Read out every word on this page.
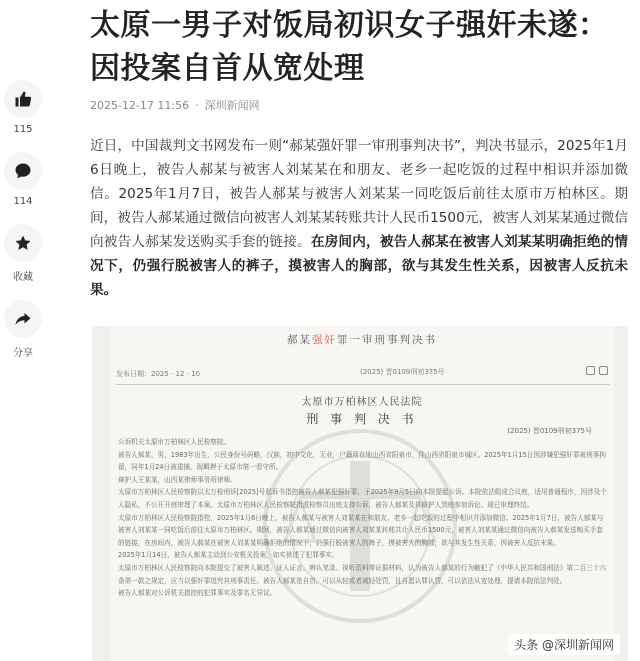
115
114
收藏
分享
太原一男子对饭局初识女子强奸未遂：因投案自首从宽处理
2025-12-17 11:56 · 深圳新闻网

近日，中国裁判文书网发布一则“郝某强奸罪一审刑事判决书”，判决书显示，2025年1月6日晚上，被告人郝某与被害人刘某某在和朋友、老乡一起吃饭的过程中相识并添加微信。2025年1月7日，被告人郝某与被害人刘某某一同吃饭后前往太原市万柏林区。期间，被告人郝某通过微信向被害人刘某某转账共计人民币1500元，被害人刘某某通过微信向被告人郝某发送购买手套的链接。在房间内，被告人郝某在被害人刘某某明确拒绝的情况下，仍强行脱被害人的裤子，摸被害人的胸部，欲与其发生性关系，因被害人反抗未果。

郝某强奸罪一审刑事判决书
发布日期：2025 · 12 · 10	(2025) 晋0109刑初375号
太原市万柏林区人民法院
刑 事 判 决 书
(2025) 晋0109刑初375号

公诉机关太原市万柏林区人民检察院。

被告人郝某，男，1983年出生，公民身份号码略，汉族，初中文化，无业，户籍所在地山西省阳泉市，住山西省阳泉市城区。2025年1月15日因涉嫌犯强奸罪被刑事拘留，同年1月24日被逮捕，现羁押于太原市第一看守所。

辩护人王某某，山西某律师事务所律师。

太原市万柏林区人民检察院以太万检刑诉[2025]号起诉书指控被告人郝某犯强奸罪，于2025年9月5日向本院提起公诉。本院依法组成合议庭，适用普通程序，因涉及个人隐私，不公开开庭审理了本案。太原市万柏林区人民检察院指派检察员出庭支持公诉，被告人郝某及其辩护人到庭参加诉讼。现已审理终结。

太原市万柏林区人民检察院指控，2025年1月6日晚上，被告人郝某与被害人刘某某在和朋友、老乡一起吃饭的过程中相识并添加微信。2025年1月7日，被告人郝某与被害人刘某某一同吃饭后前往太原市万柏林区。期间，被告人郝某通过微信向被害人刘某某转账共计人民币1500元，被害人刘某某通过微信向被告人郝某发送购买手套的链接，在房间内，被告人郝某在被害人刘某某明确拒绝的情况下，仍强行脱被害人的裤子，摸被害人的胸部，欲与其发生性关系，因被害人反抗未果。

2025年1月14日，被告人郝某主动到公安机关投案，如实供述了犯罪事实。

太原市万柏林区人民检察院向本院提交了被害人陈述、证人证言、辨认笔录、视听资料等证据材料，认为被告人郝某的行为触犯了《中华人民共和国刑法》第二百三十六条第一款之规定，应当以强奸罪追究其刑事责任。被告人郝某是自首，可以从轻或者减轻处罚，且自愿认罪认罚，可以依法从宽处理，提请本院依法判处。

被告人郝某对公诉机关指控的犯罪事实及罪名无异议。

头条 @深圳新闻网
